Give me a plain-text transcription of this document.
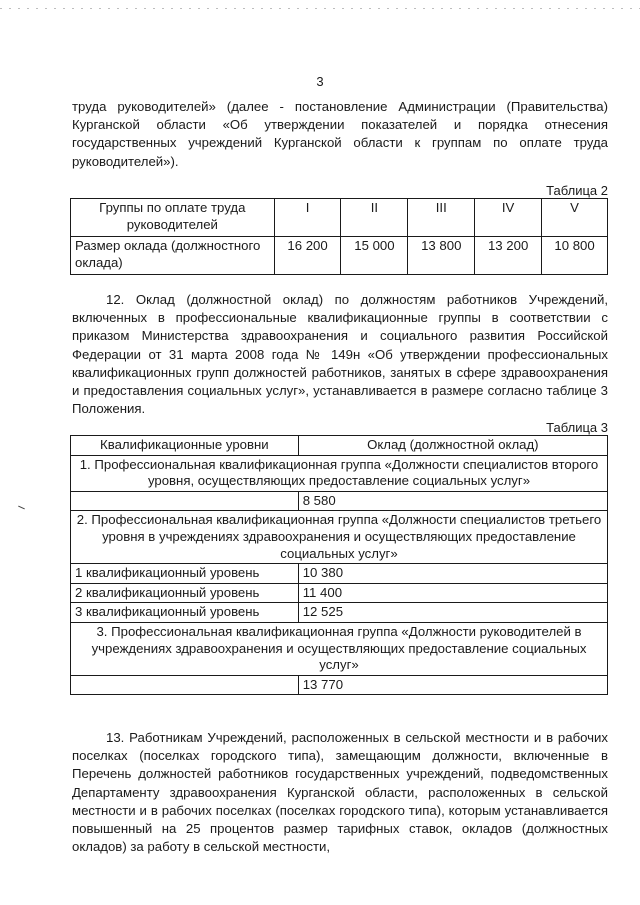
3

труда руководителей» (далее - постановление Администрации (Правительства) Курганской области «Об утверждении показателей и порядка отнесения государственных учреждений Курганской области к группам по оплате труда руководителей»).

Таблица 2
Группы по оплате труда руководителей	I	II	III	IV	V
Размер оклада (должностного оклада)	16 200	15 000	13 800	13 200	10 800

12. Оклад (должностной оклад) по должностям работников Учреждений, включенных в профессиональные квалификационные группы в соответствии с приказом Министерства здравоохранения и социального развития Российской Федерации от 31 марта 2008 года № 149н «Об утверждении профессиональных квалификационных групп должностей работников, занятых в сфере здравоохранения и предоставления социальных услуг», устанавливается в размере согласно таблице 3 Положения.

Таблица 3
Квалификационные уровни	Оклад (должностной оклад)
1. Профессиональная квалификационная группа «Должности специалистов второго уровня, осуществляющих предоставление социальных услуг»	
	8 580
2. Профессиональная квалификационная группа «Должности специалистов третьего уровня в учреждениях здравоохранения и осуществляющих предоставление социальных услуг»	
1 квалификационный уровень	10 380
2 квалификационный уровень	11 400
3 квалификационный уровень	12 525
3. Профессиональная квалификационная группа «Должности руководителей в учреждениях здравоохранения и осуществляющих предоставление социальных услуг»	
	13 770

13. Работникам Учреждений, расположенных в сельской местности и в рабочих поселках (поселках городского типа), замещающим должности, включенные в Перечень должностей работников государственных учреждений, подведомственных Департаменту здравоохранения Курганской области, расположенных в сельской местности и в рабочих поселках (поселках городского типа), которым устанавливается повышенный на 25 процентов размер тарифных ставок, окладов (должностных окладов) за работу в сельской местности,
